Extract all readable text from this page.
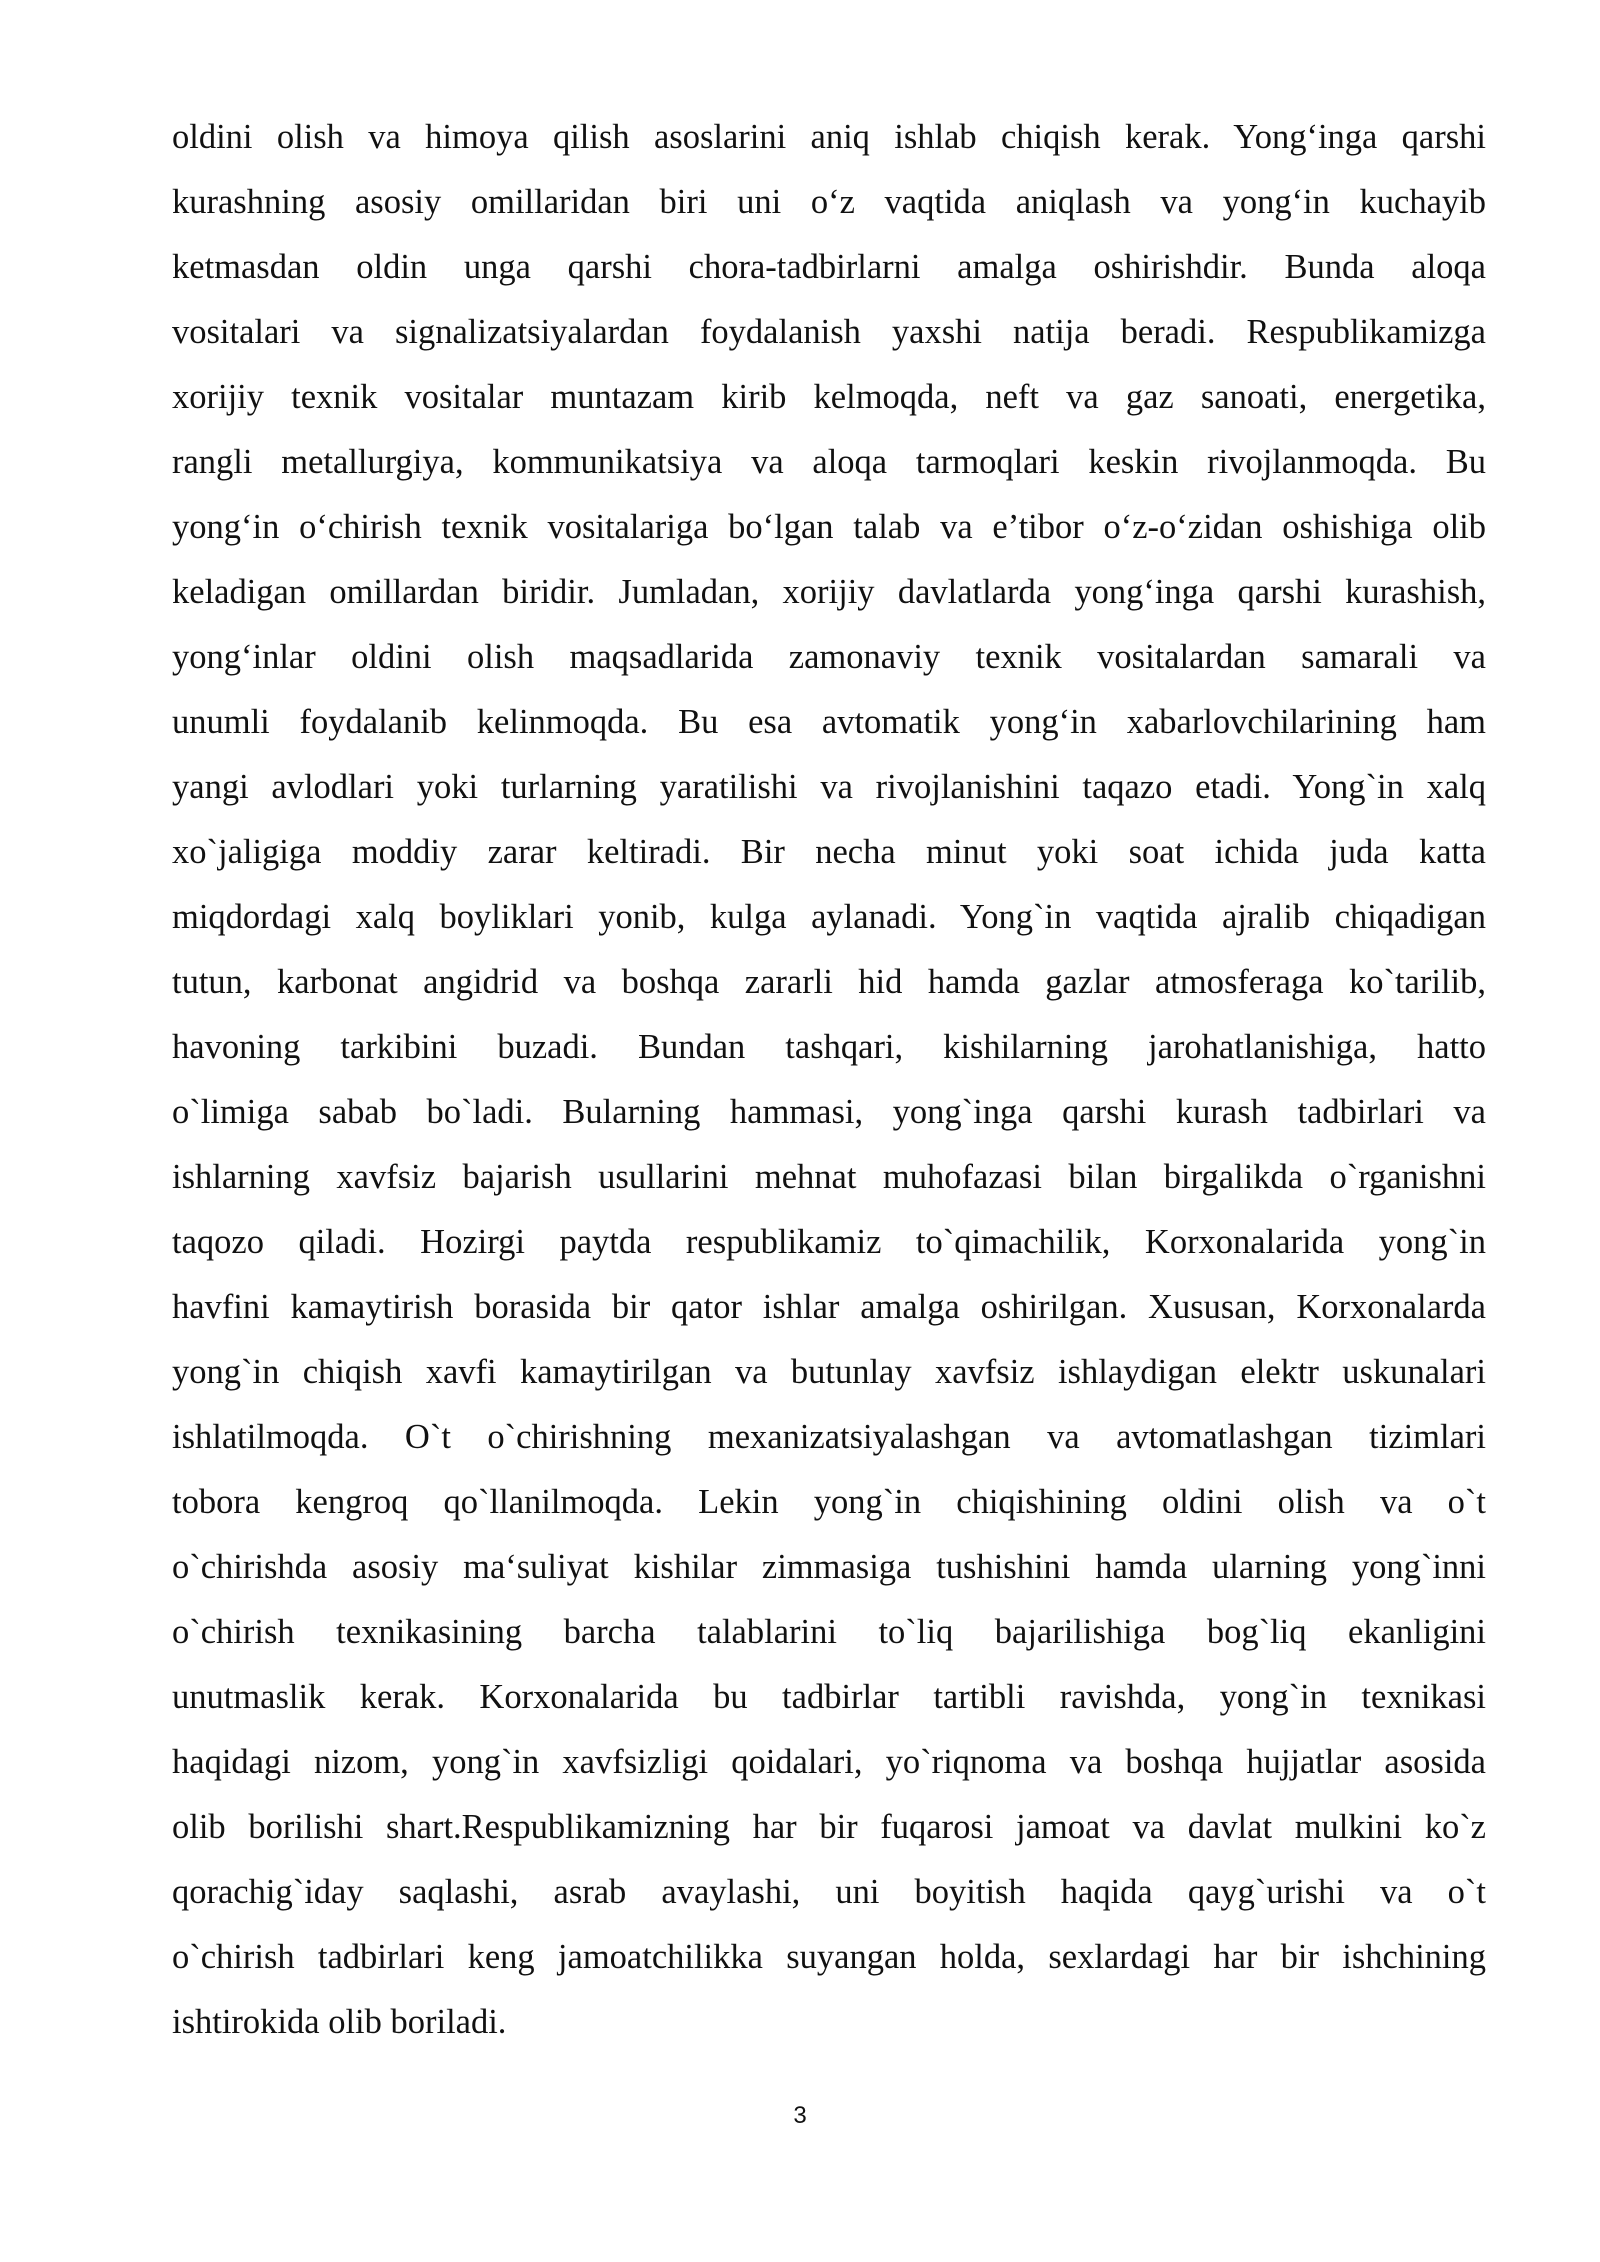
oldini olish va himoya qilish asoslarini aniq ishlab chiqish kerak. Yong‘inga qarshi
kurashning asosiy omillaridan biri uni o‘z vaqtida aniqlash va yong‘in kuchayib
ketmasdan oldin unga qarshi chora-tadbirlarni amalga oshirishdir. Bunda aloqa
vositalari va signalizatsiyalardan foydalanish yaxshi natija beradi. Respublikamizga
xorijiy texnik vositalar muntazam kirib kelmoqda, neft va gaz sanoati, energetika,
rangli metallurgiya, kommunikatsiya va aloqa tarmoqlari keskin rivojlanmoqda. Bu
yong‘in o‘chirish texnik vositalariga bo‘lgan talab va e’tibor o‘z-o‘zidan oshishiga olib
keladigan omillardan biridir. Jumladan, xorijiy davlatlarda yong‘inga qarshi kurashish,
yong‘inlar oldini olish maqsadlarida zamonaviy texnik vositalardan samarali va
unumli foydalanib kelinmoqda. Bu esa avtomatik yong‘in xabarlovchilarining ham
yangi avlodlari yoki turlarning yaratilishi va rivojlanishini taqazo etadi. Yong`in xalq
xo`jaligiga moddiy zarar keltiradi. Bir necha minut yoki soat ichida juda katta
miqdordagi xalq boyliklari yonib, kulga aylanadi. Yong`in vaqtida ajralib chiqadigan
tutun, karbonat angidrid va boshqa zararli hid hamda gazlar atmosferaga ko`tarilib,
havoning tarkibini buzadi. Bundan tashqari, kishilarning jarohatlanishiga, hatto
o`limiga sabab bo`ladi. Bularning hammasi, yong`inga qarshi kurash tadbirlari va
ishlarning xavfsiz bajarish usullarini mehnat muhofazasi bilan birgalikda o`rganishni
taqozo qiladi. Hozirgi paytda respublikamiz to`qimachilik, Korxonalarida yong`in
havfini kamaytirish borasida bir qator ishlar amalga oshirilgan. Xususan, Korxonalarda
yong`in chiqish xavfi kamaytirilgan va butunlay xavfsiz ishlaydigan elektr uskunalari
ishlatilmoqda. O`t o`chirishning mexanizatsiyalashgan va avtomatlashgan tizimlari
tobora kengroq qo`llanilmoqda. Lekin yong`in chiqishining oldini olish va o`t
o`chirishda asosiy ma‘suliyat kishilar zimmasiga tushishini hamda ularning yong`inni
o`chirish texnikasining barcha talablarini to`liq bajarilishiga bog`liq ekanligini
unutmaslik kerak. Korxonalarida bu tadbirlar tartibli ravishda, yong`in texnikasi
haqidagi nizom, yong`in xavfsizligi qoidalari, yo`riqnoma va boshqa hujjatlar asosida
olib borilishi shart.Respublikamizning har bir fuqarosi jamoat va davlat mulkini ko`z
qorachig`iday saqlashi, asrab avaylashi, uni boyitish haqida qayg`urishi va o`t
o`chirish tadbirlari keng jamoatchilikka suyangan holda, sexlardagi har bir ishchining
ishtirokida olib boriladi.
3
